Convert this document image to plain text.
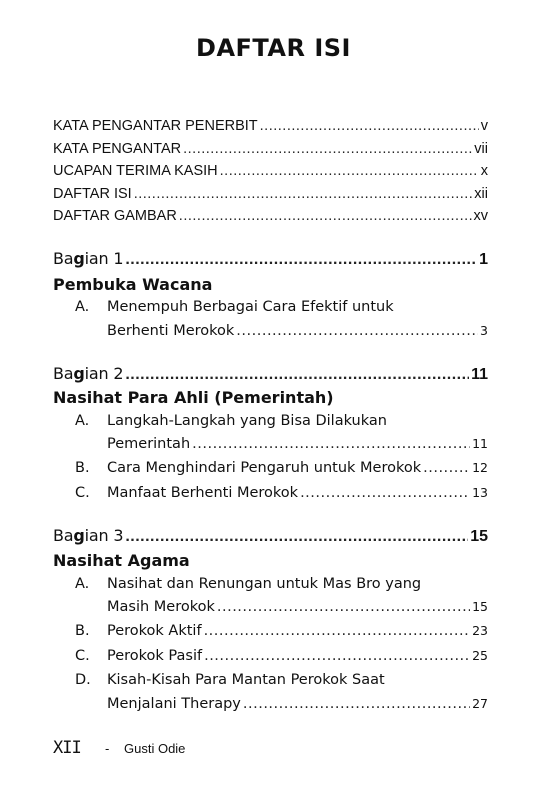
DAFTAR ISI
KATA PENGANTAR PENERBIT .....	v
KATA PENGANTAR .....	vii
UCAPAN TERIMA KASIH .....	x
DAFTAR ISI .....	xii
DAFTAR GAMBAR .....	xv
Bagian 1 .....	1
Pembuka Wacana
A. Menempuh Berbagai Cara Efektif untuk
Berhenti Merokok .....	3
Bagian 2 .....	11
Nasihat Para Ahli (Pemerintah)
A. Langkah-Langkah yang Bisa Dilakukan
Pemerintah .....	11
B. Cara Menghindari Pengaruh untuk Merokok .....	12
C. Manfaat Berhenti Merokok .....	13
Bagian 3 .....	15
Nasihat Agama
A. Nasihat dan Renungan untuk Mas Bro yang
Masih Merokok .....	15
B. Perokok Aktif .....	23
C. Perokok Pasif .....	25
D. Kisah-Kisah Para Mantan Perokok Saat
Menjalani Therapy .....	27
XII - Gusti Odie
